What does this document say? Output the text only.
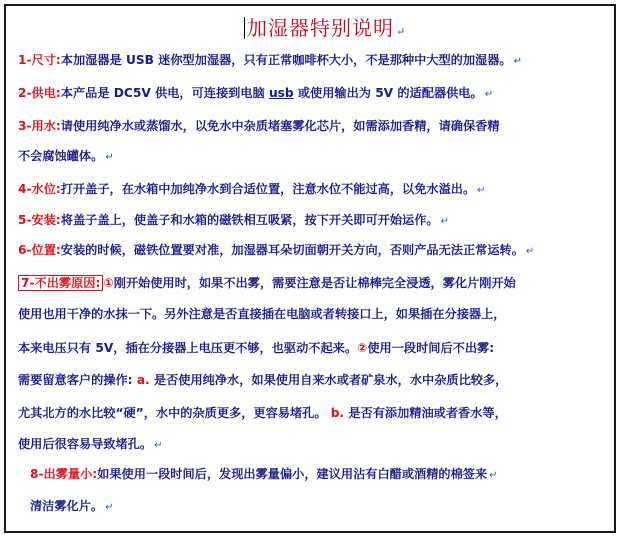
加湿器特别说明 ↵
1-尺寸:本加湿器是 USB 迷你型加湿器，只有正常咖啡杯大小，不是那种中大型的加湿器。 ↵
2-供电:本产品是 DC5V 供电，可连接到电脑 usb 或使用输出为 5V 的适配器供电。 ↵
3-用水:请使用纯净水或蒸馏水，以免水中杂质堵塞雾化芯片，如需添加香精，请确保香精
不会腐蚀罐体。 ↵
4-水位:打开盖子，在水箱中加纯净水到合适位置，注意水位不能过高，以免水溢出。 ↵
5-安装:将盖子盖上，使盖子和水箱的磁铁相互吸紧，按下开关即可开始运作。 ↵
6-位置:安装的时候，磁铁位置要对准，加湿器耳朵切面朝开关方向，否则产品无法正常运转。 ↵
7-不出雾原因: ①刚开始使用时，如果不出雾，需要注意是否让棉棒完全浸透，雾化片刚开始
使用也用干净的水抹一下。另外注意是否直接插在电脑或者转接口上，如果插在分接器上，
本来电压只有 5V，插在分接器上电压更不够，也驱动不起来。②使用一段时间后不出雾:
需要留意客户的操作: a. 是否使用纯净水，如果使用自来水或者矿泉水，水中杂质比较多，
尤其北方的水比较“硬”，水中的杂质更多，更容易堵孔。 b. 是否有添加精油或者香水等，
使用后很容易导致堵孔。 ↵
8-出雾量小:如果使用一段时间后，发现出雾量偏小，建议用沾有白醋或酒精的棉签来 ↵
清洁雾化片。 ↵
